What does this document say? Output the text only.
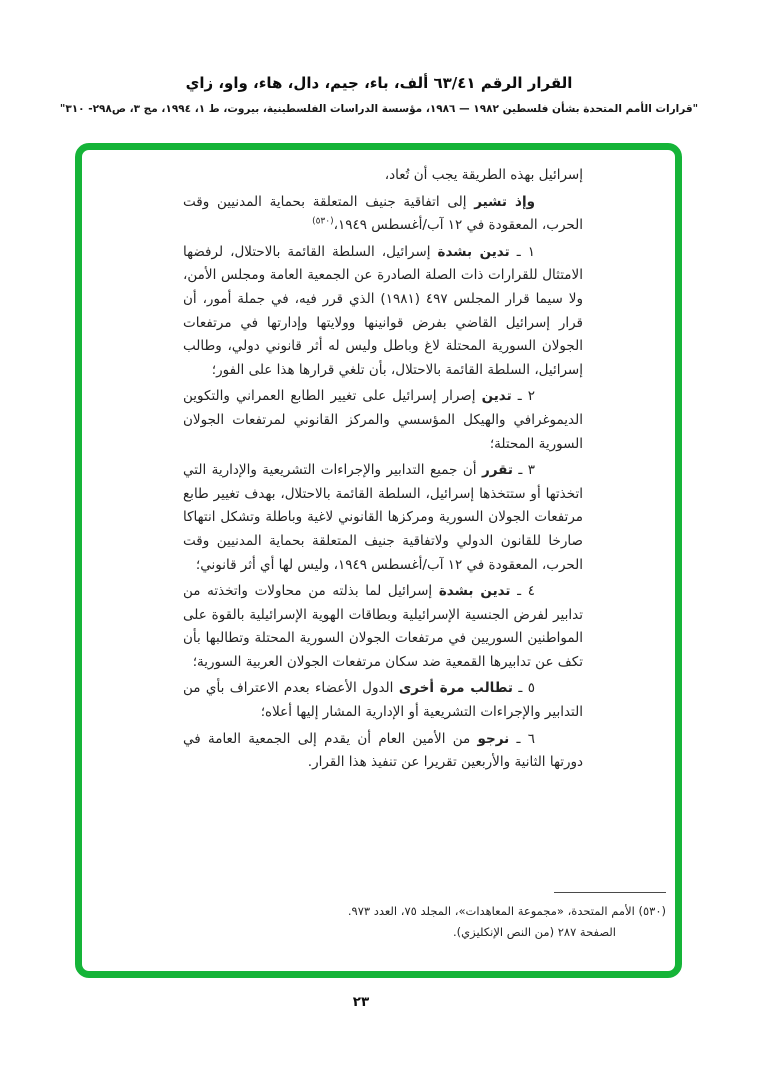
القرار الرقم ٦٣/٤١ ألف، باء، جيم، دال، هاء، واو، زاي
"قرارات الأمم المتحدة بشأن فلسطين ١٩٨٢ — ١٩٨٦، مؤسسة الدراسات الفلسطينية، بيروت، ط ١، ١٩٩٤، مج ٣، ص٢٩٨- ٣١٠"

إسرائيل بهذه الطريقة يجب أن تُعاد،

وإذ تشير إلى اتفاقية جنيف المتعلقة بحماية المدنيين وقت الحرب، المعقودة في ١٢ آب/أغسطس ١٩٤٩،$^{(٥٣٠)}$

١ ـ تدين بشدة إسرائيل، السلطة القائمة بالاحتلال، لرفضها الامتثال للقرارات ذات الصلة الصادرة عن الجمعية العامة ومجلس الأمن، ولا سيما قرار المجلس ٤٩٧ (١٩٨١) الذي قرر فيه، في جملة أمور، أن قرار إسرائيل القاضي بفرض قوانينها وولايتها وإدارتها في مرتفعات الجولان السورية المحتلة لاغ وباطل وليس له أثر قانوني دولي، وطالب إسرائيل، السلطة القائمة بالاحتلال، بأن تلغي قرارها هذا على الفور؛

٢ ـ تدين إصرار إسرائيل على تغيير الطابع العمراني والتكوين الديموغرافي والهيكل المؤسسي والمركز القانوني لمرتفعات الجولان السورية المحتلة؛

٣ ـ تقرر أن جميع التدابير والإجراءات التشريعية والإدارية التي اتخذتها أو ستتخذها إسرائيل، السلطة القائمة بالاحتلال، بهدف تغيير طابع مرتفعات الجولان السورية ومركزها القانوني لاغية وباطلة وتشكل انتهاكا صارخا للقانون الدولي ولاتفاقية جنيف المتعلقة بحماية المدنيين وقت الحرب، المعقودة في ١٢ آب/أغسطس ١٩٤٩، وليس لها أي أثر قانوني؛

٤ ـ تدين بشدة إسرائيل لما بذلته من محاولات واتخذته من تدابير لفرض الجنسية الإسرائيلية وبطاقات الهوية الإسرائيلية بالقوة على المواطنين السوريين في مرتفعات الجولان السورية المحتلة وتطالبها بأن تكف عن تدابيرها القمعية ضد سكان مرتفعات الجولان العربية السورية؛

٥ ـ تطالب مرة أخرى الدول الأعضاء بعدم الاعتراف بأي من التدابير والإجراءات التشريعية أو الإدارية المشار إليها أعلاه؛

٦ ـ نرجو من الأمين العام أن يقدم إلى الجمعية العامة في دورتها الثانية والأربعين تقريرا عن تنفيذ هذا القرار.

(٥٣٠) الأمم المتحدة، «مجموعة المعاهدات»، المجلد ٧٥، العدد ٩٧٣.
الصفحة ٢٨٧ (من النص الإنكليزي).
٢٣
